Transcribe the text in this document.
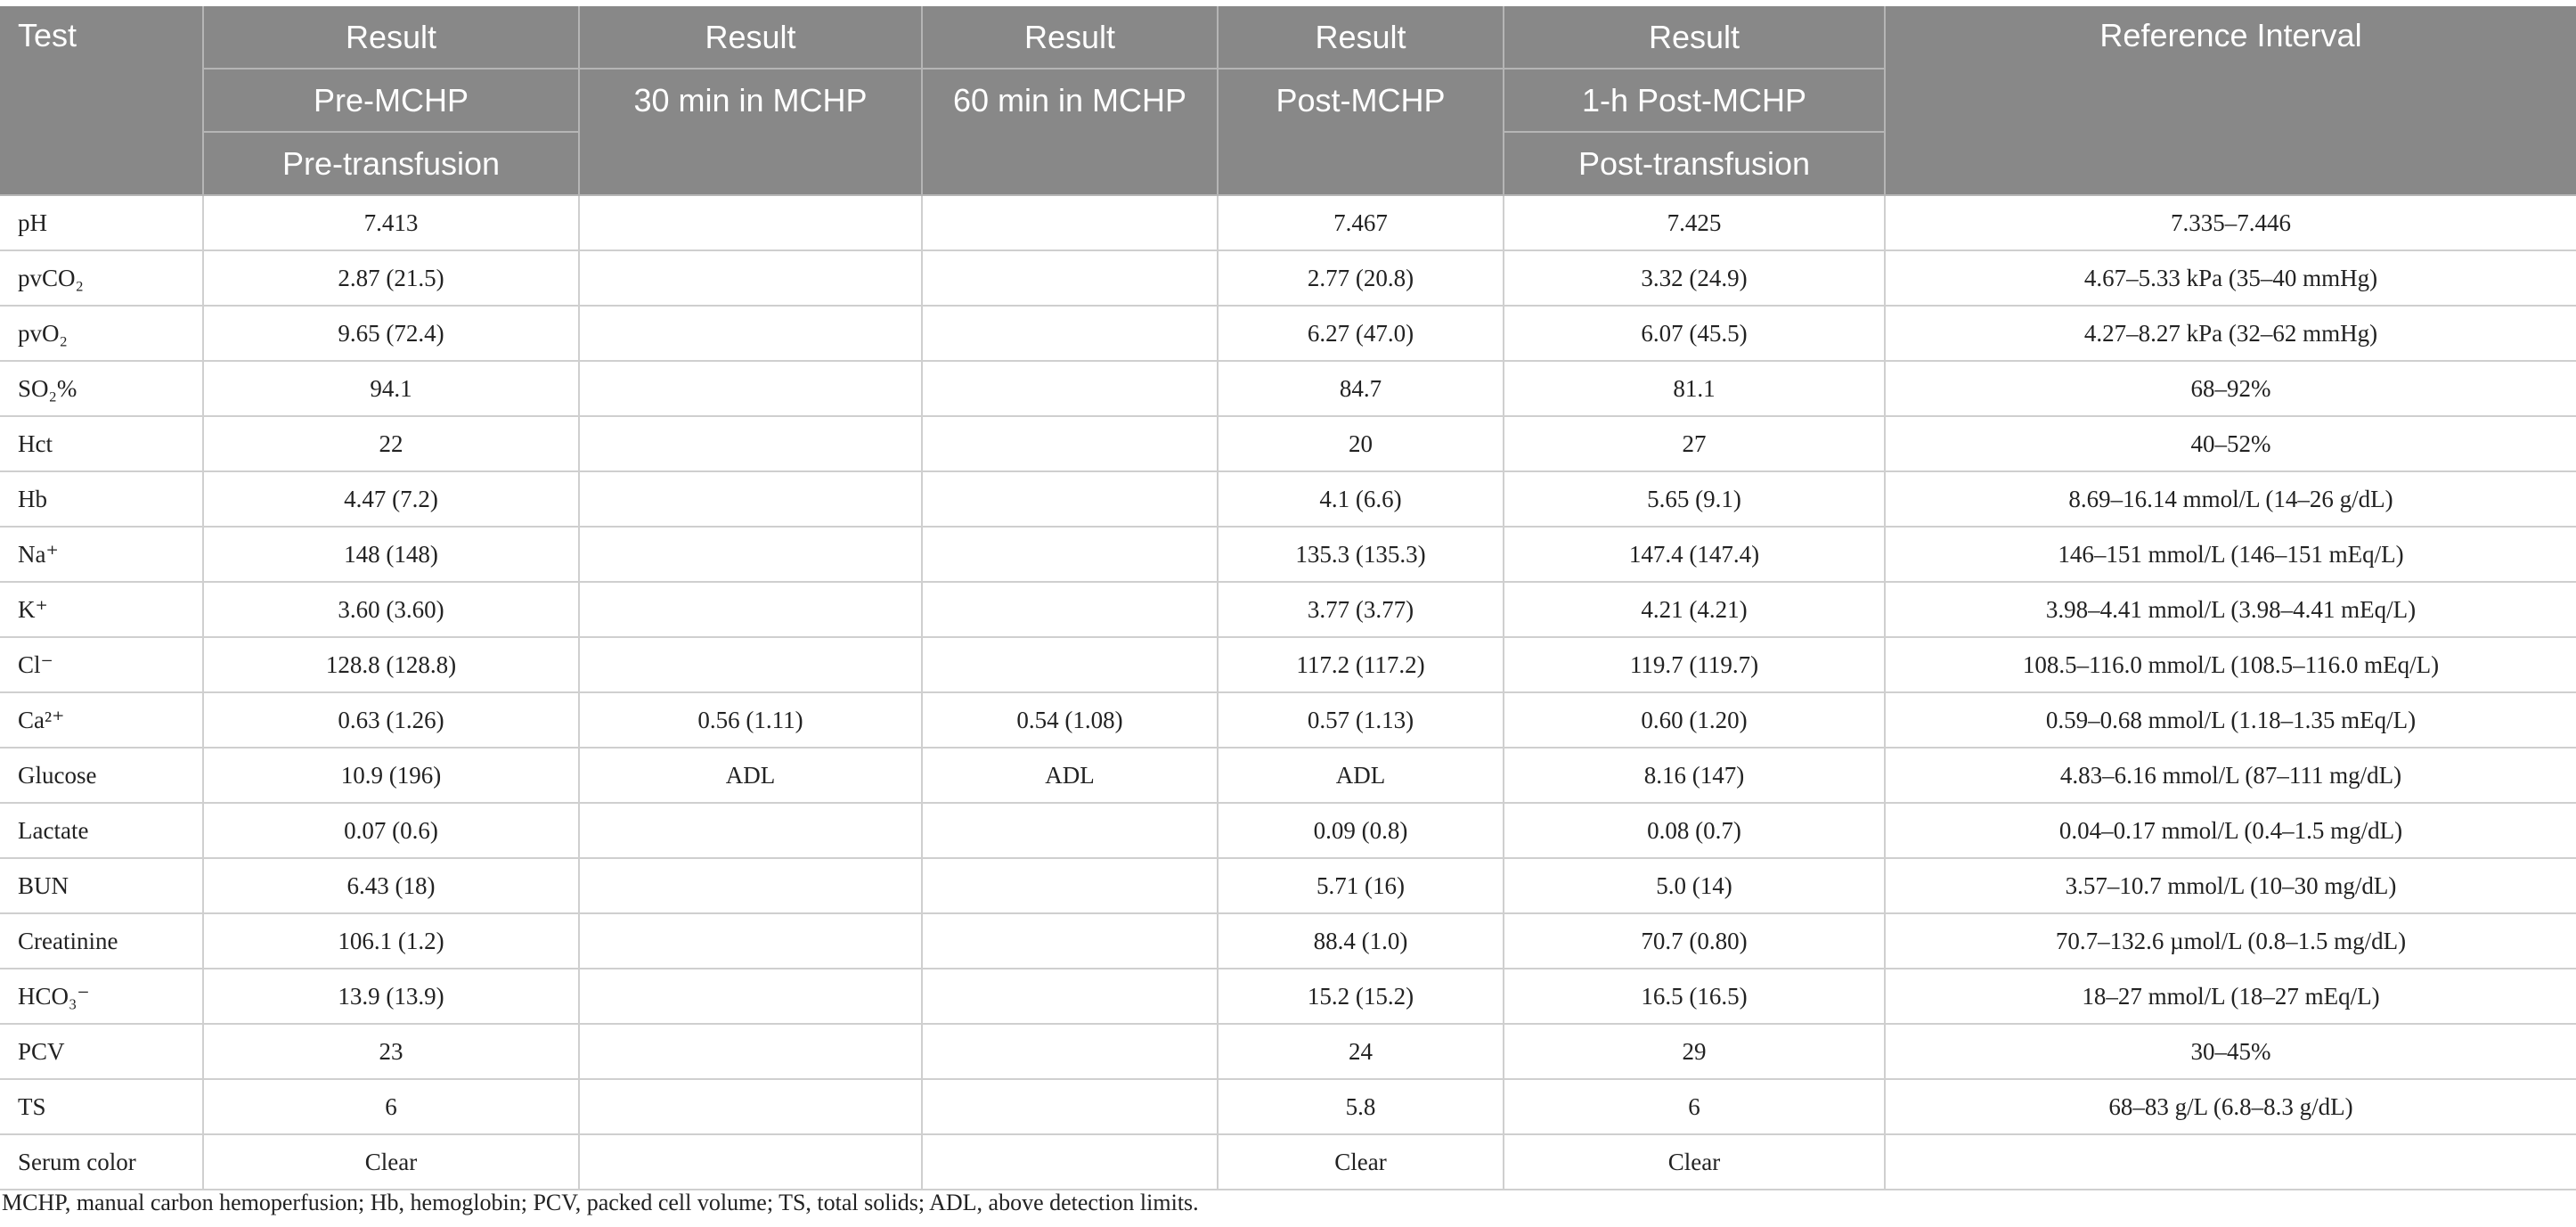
Test	Result	Result	Result	Result	Result	Reference Interval
	Pre-MCHP	30 min in MCHP	60 min in MCHP	Post-MCHP	1-h Post-MCHP	
	Pre-transfusion				Post-transfusion	
pH	7.413			7.467	7.425	7.335–7.446
pvCO₂	2.87 (21.5)			2.77 (20.8)	3.32 (24.9)	4.67–5.33 kPa (35–40 mmHg)
pvO₂	9.65 (72.4)			6.27 (47.0)	6.07 (45.5)	4.27–8.27 kPa (32–62 mmHg)
SO₂%	94.1			84.7	81.1	68–92%
Hct	22			20	27	40–52%
Hb	4.47 (7.2)			4.1 (6.6)	5.65 (9.1)	8.69–16.14 mmol/L (14–26 g/dL)
Na⁺	148 (148)			135.3 (135.3)	147.4 (147.4)	146–151 mmol/L (146–151 mEq/L)
K⁺	3.60 (3.60)			3.77 (3.77)	4.21 (4.21)	3.98–4.41 mmol/L (3.98–4.41 mEq/L)
Cl⁻	128.8 (128.8)			117.2 (117.2)	119.7 (119.7)	108.5–116.0 mmol/L (108.5–116.0 mEq/L)
Ca²⁺	0.63 (1.26)	0.56 (1.11)	0.54 (1.08)	0.57 (1.13)	0.60 (1.20)	0.59–0.68 mmol/L (1.18–1.35 mEq/L)
Glucose	10.9 (196)	ADL	ADL	ADL	8.16 (147)	4.83–6.16 mmol/L (87–111 mg/dL)
Lactate	0.07 (0.6)			0.09 (0.8)	0.08 (0.7)	0.04–0.17 mmol/L (0.4–1.5 mg/dL)
BUN	6.43 (18)			5.71 (16)	5.0 (14)	3.57–10.7 mmol/L (10–30 mg/dL)
Creatinine	106.1 (1.2)			88.4 (1.0)	70.7 (0.80)	70.7–132.6 µmol/L (0.8–1.5 mg/dL)
HCO₃⁻	13.9 (13.9)			15.2 (15.2)	16.5 (16.5)	18–27 mmol/L (18–27 mEq/L)
PCV	23			24	29	30–45%
TS	6			5.8	6	68–83 g/L (6.8–8.3 g/dL)
Serum color	Clear			Clear	Clear	
MCHP, manual carbon hemoperfusion; Hb, hemoglobin; PCV, packed cell volume; TS, total solids; ADL, above detection limits.
